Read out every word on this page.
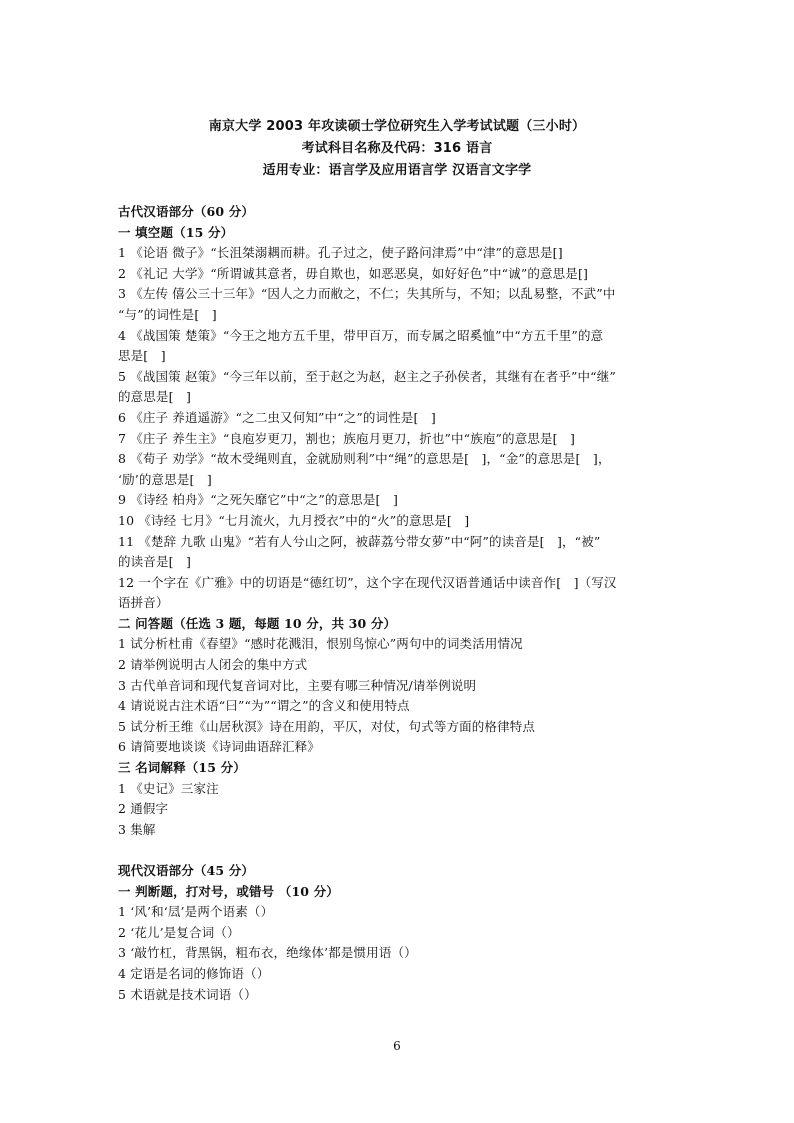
南京大学 2003 年攻读硕士学位研究生入学考试试题（三小时）
考试科目名称及代码：316 语言
适用专业：语言学及应用语言学 汉语言文字学
古代汉语部分（60 分）
一 填空题（15 分）
1 《论语 微子》“长沮桀溺耦而耕。孔子过之，使子路问津焉”中“津”的意思是[]
2 《礼记 大学》“所谓诚其意者，毋自欺也，如恶恶臭，如好好色”中“诚”的意思是[]
3 《左传 僖公三十三年》“因人之力而敝之，不仁；失其所与，不知；以乱易整，不武”中
“与”的词性是[   ]
4 《战国策 楚策》“今王之地方五千里，带甲百万，而专属之昭奚恤”中“方五千里”的意
思是[   ]
5 《战国策 赵策》“今三年以前，至于赵之为赵，赵主之子孙侯者，其继有在者乎”中“继”
的意思是[   ]
6 《庄子 养逍遥游》“之二虫又何知”中“之”的词性是[   ]
7 《庄子 养生主》“良庖岁更刀，割也；族庖月更刀，折也”中“族庖”的意思是[   ]
8 《荀子 劝学》“故木受绳则直，金就励则利”中“绳”的意思是[   ]，“金”的意思是[   ]，
‘励’的意思是[   ]
9 《诗经 柏舟》“之死矢靡它”中“之”的意思是[   ]
10 《诗经 七月》“七月流火，九月授衣”中的“火”的意思是[   ]
11 《楚辞 九歌 山鬼》“若有人兮山之阿，被薜荔兮带女萝”中“阿”的读音是[   ]，“被”
的读音是[   ]
12 一个字在《广雅》中的切语是“德红切”，这个字在现代汉语普通话中读音作[   ]（写汉
语拼音）
二 问答题（任选 3 题，每题 10 分，共 30 分）
1 试分析杜甫《春望》“感时花溅泪，恨别鸟惊心”两句中的词类活用情况
2 请举例说明古人闭会的集中方式
3 古代单音词和现代复音词对比，主要有哪三种情况/请举例说明
4 请说说古注术语“曰”“为”“谓之”的含义和使用特点
5 试分析王维《山居秋溟》诗在用韵，平仄，对仗，句式等方面的格律特点
6 请简要地谈谈《诗词曲语辞汇释》
三 名词解释（15 分）
1 《史记》三家注
2 通假字
3 集解
现代汉语部分（45 分）
一 判断题，打对号，或错号 （10 分）
1 ‘风’和‘凨’是两个语素（）
2 ‘花儿’是复合词（）
3 ‘敲竹杠，背黑锅，粗布衣，绝缘体’都是惯用语（）
4 定语是名词的修饰语（）
5 术语就是技术词语（）
6
